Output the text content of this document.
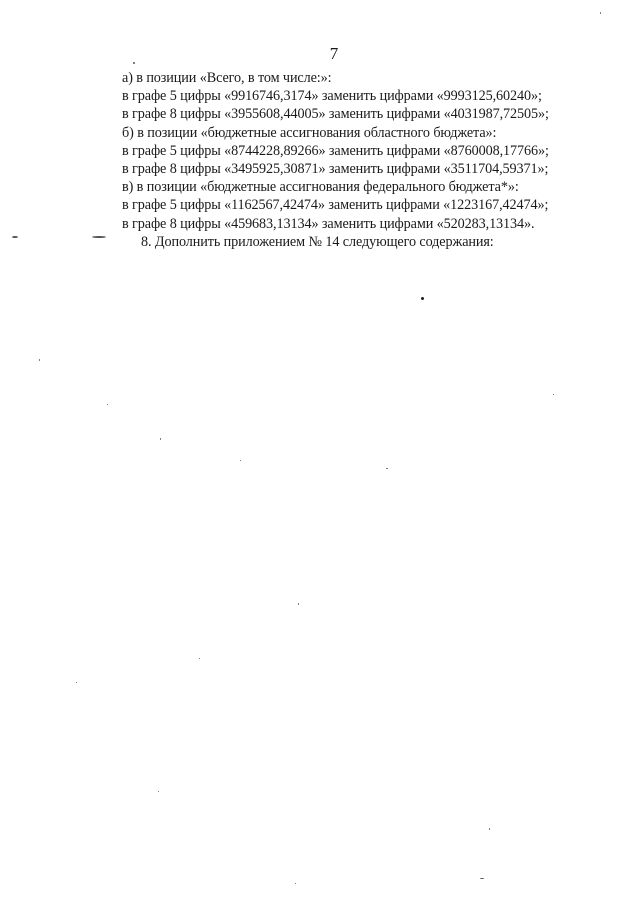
7
а) в позиции «Всего, в том числе:»:
в графе 5 цифры «9916746,3174» заменить цифрами «9993125,60240»;
в графе 8 цифры «3955608,44005» заменить цифрами «4031987,72505»;
б) в позиции «бюджетные ассигнования областного бюджета»:
в графе 5 цифры «8744228,89266» заменить цифрами «8760008,17766»;
в графе 8 цифры «3495925,30871» заменить цифрами «3511704,59371»;
в) в позиции «бюджетные ассигнования федерального бюджета*»:
в графе 5 цифры «1162567,42474» заменить цифрами «1223167,42474»;
в графе 8 цифры «459683,13134» заменить цифрами «520283,13134».
8. Дополнить приложением № 14 следующего содержания:
